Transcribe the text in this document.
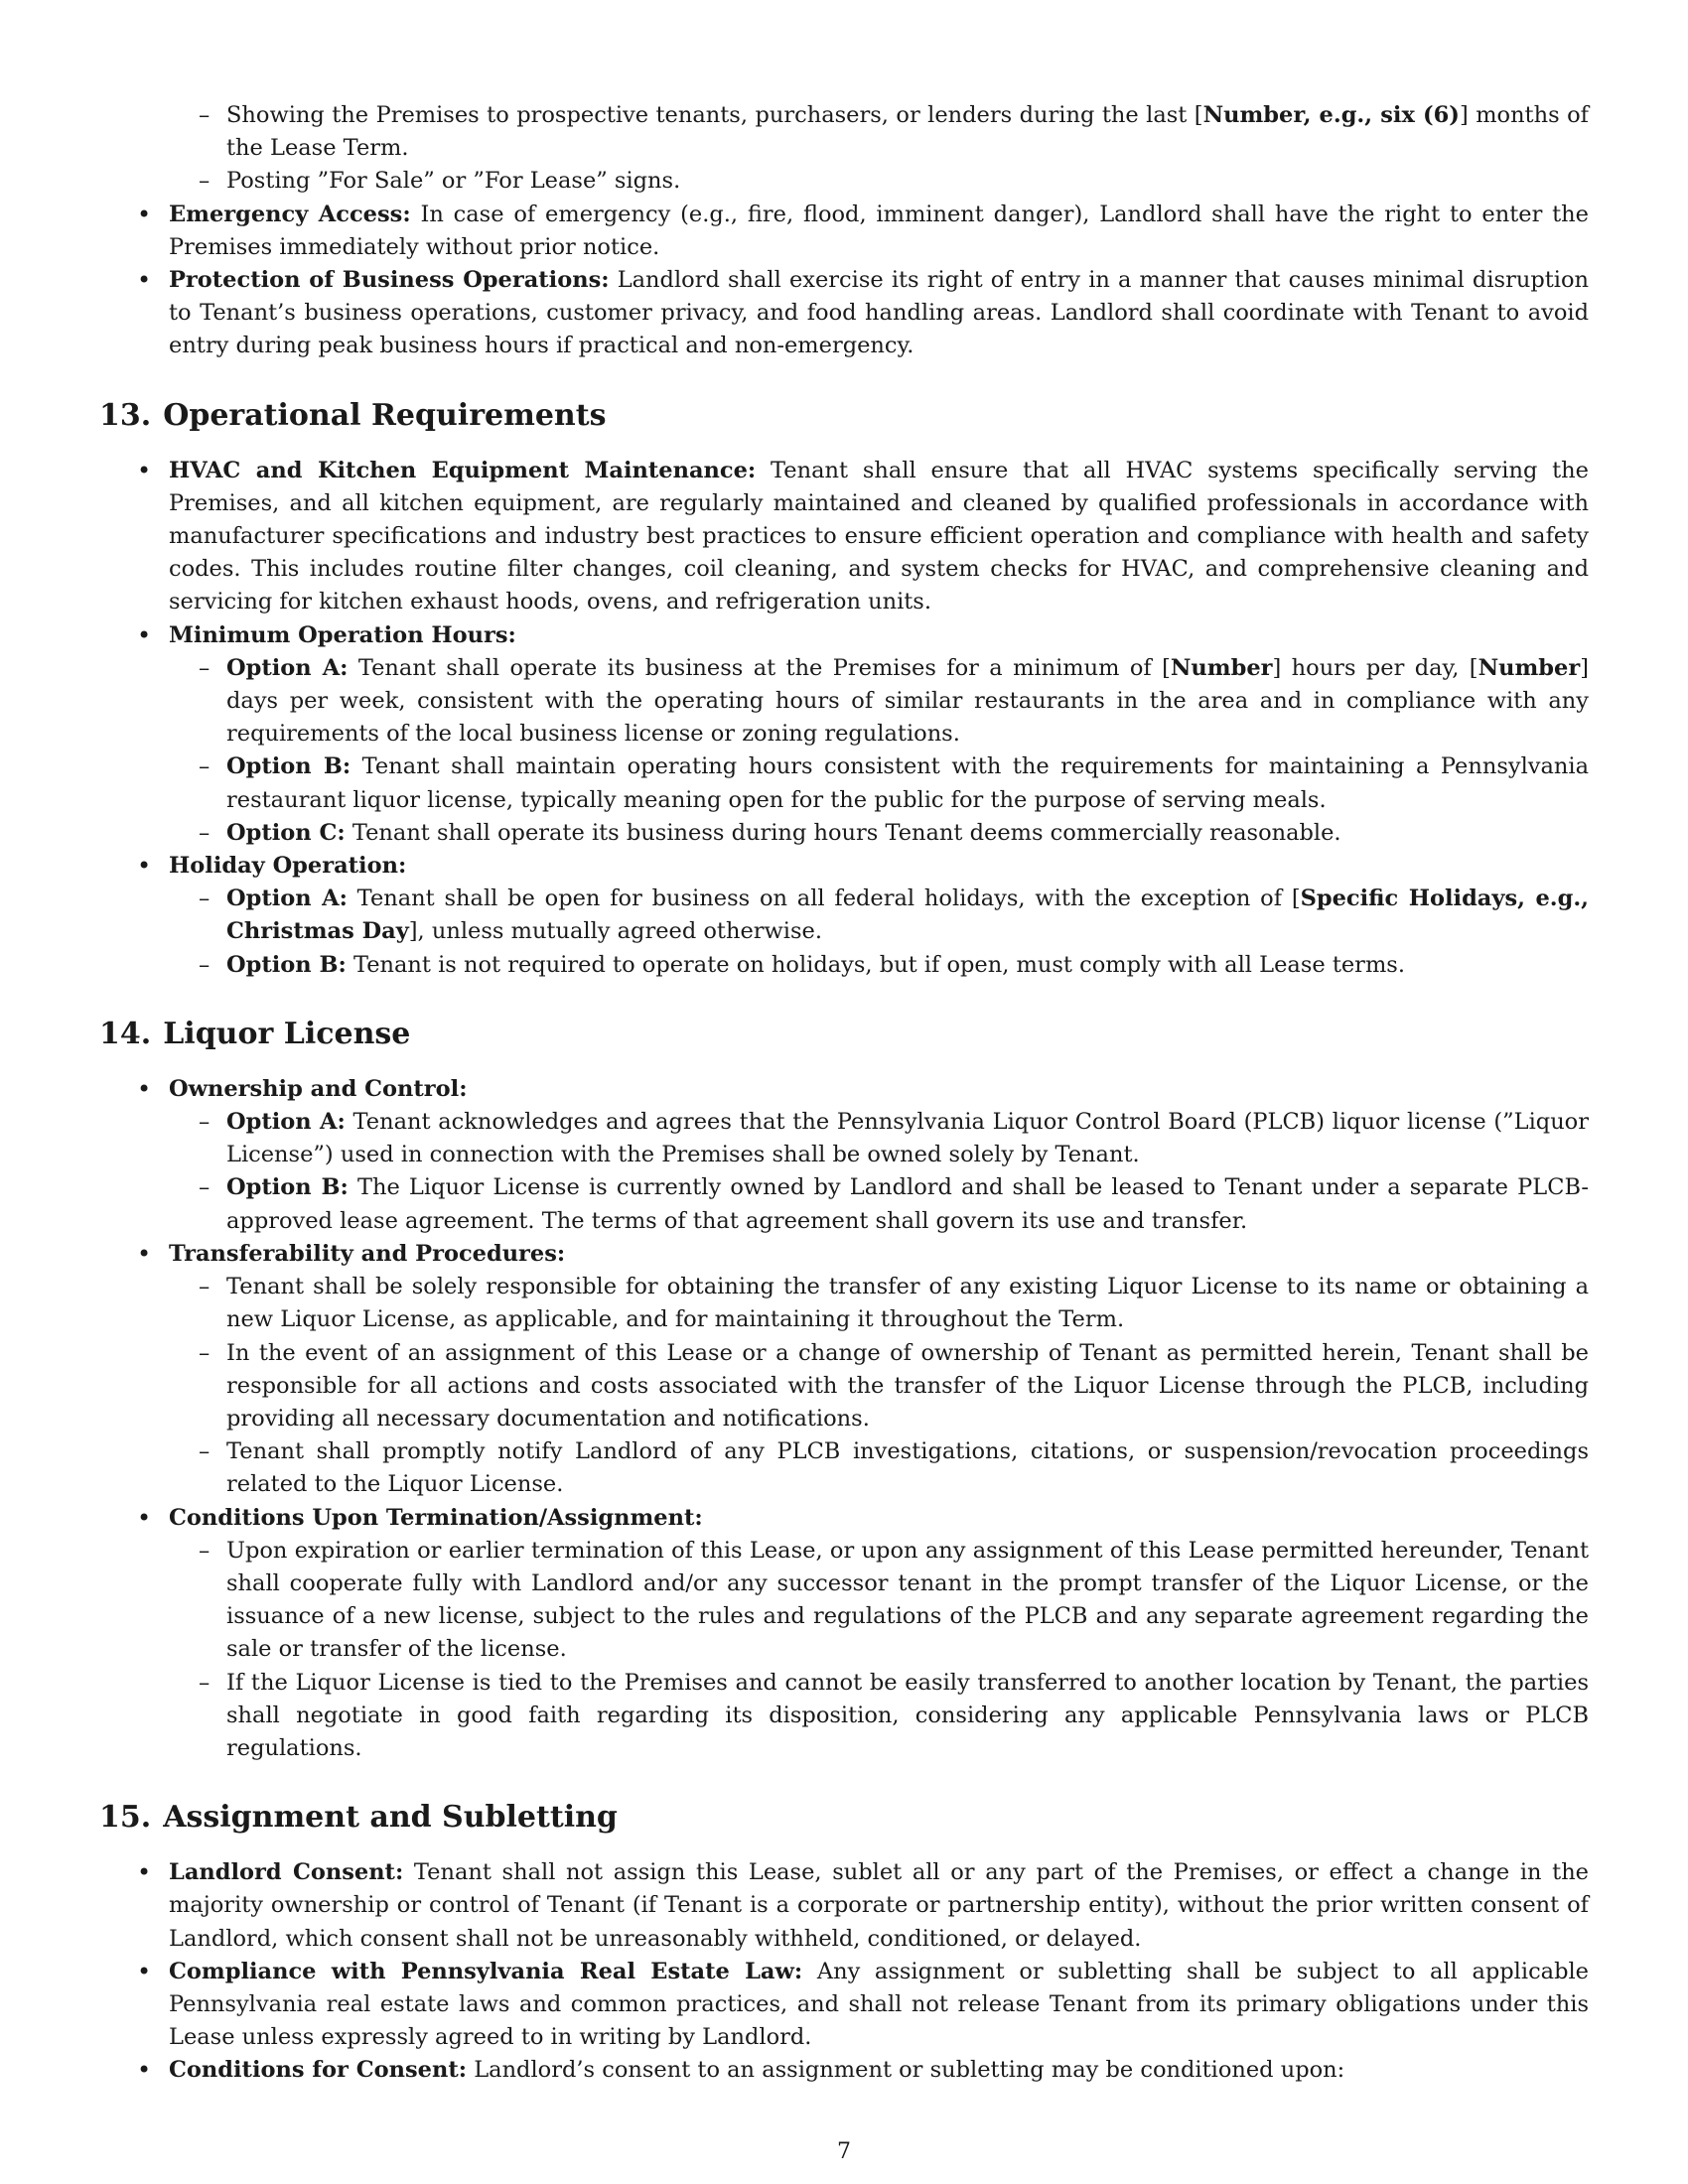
– Showing the Premises to prospective tenants, purchasers, or lenders during the last [Number, e.g., six (6)] months of the Lease Term.
– Posting ”For Sale” or ”For Lease” signs.
• Emergency Access: In case of emergency (e.g., fire, flood, imminent danger), Landlord shall have the right to enter the Premises immediately without prior notice.
• Protection of Business Operations: Landlord shall exercise its right of entry in a manner that causes minimal disruption to Tenant’s business operations, customer privacy, and food handling areas. Landlord shall coordinate with Tenant to avoid entry during peak business hours if practical and non-emergency.
13. Operational Requirements
• HVAC and Kitchen Equipment Maintenance: Tenant shall ensure that all HVAC systems specifically serving the Premises, and all kitchen equipment, are regularly maintained and cleaned by qualified professionals in accordance with manufacturer specifications and industry best practices to ensure efficient operation and compliance with health and safety codes. This includes routine filter changes, coil cleaning, and system checks for HVAC, and comprehensive cleaning and servicing for kitchen exhaust hoods, ovens, and refrigeration units.
• Minimum Operation Hours:
– Option A: Tenant shall operate its business at the Premises for a minimum of [Number] hours per day, [Number] days per week, consistent with the operating hours of similar restaurants in the area and in compliance with any requirements of the local business license or zoning regulations.
– Option B: Tenant shall maintain operating hours consistent with the requirements for maintaining a Pennsylvania restaurant liquor license, typically meaning open for the public for the purpose of serving meals.
– Option C: Tenant shall operate its business during hours Tenant deems commercially reasonable.
• Holiday Operation:
– Option A: Tenant shall be open for business on all federal holidays, with the exception of [Specific Holidays, e.g., Christmas Day], unless mutually agreed otherwise.
– Option B: Tenant is not required to operate on holidays, but if open, must comply with all Lease terms.
14. Liquor License
• Ownership and Control:
– Option A: Tenant acknowledges and agrees that the Pennsylvania Liquor Control Board (PLCB) liquor license (”Liquor License”) used in connection with the Premises shall be owned solely by Tenant.
– Option B: The Liquor License is currently owned by Landlord and shall be leased to Tenant under a separate PLCB-approved lease agreement. The terms of that agreement shall govern its use and transfer.
• Transferability and Procedures:
– Tenant shall be solely responsible for obtaining the transfer of any existing Liquor License to its name or obtaining a new Liquor License, as applicable, and for maintaining it throughout the Term.
– In the event of an assignment of this Lease or a change of ownership of Tenant as permitted herein, Tenant shall be responsible for all actions and costs associated with the transfer of the Liquor License through the PLCB, including providing all necessary documentation and notifications.
– Tenant shall promptly notify Landlord of any PLCB investigations, citations, or suspension/revocation proceedings related to the Liquor License.
• Conditions Upon Termination/Assignment:
– Upon expiration or earlier termination of this Lease, or upon any assignment of this Lease permitted hereunder, Tenant shall cooperate fully with Landlord and/or any successor tenant in the prompt transfer of the Liquor License, or the issuance of a new license, subject to the rules and regulations of the PLCB and any separate agreement regarding the sale or transfer of the license.
– If the Liquor License is tied to the Premises and cannot be easily transferred to another location by Tenant, the parties shall negotiate in good faith regarding its disposition, considering any applicable Pennsylvania laws or PLCB regulations.
15. Assignment and Subletting
• Landlord Consent: Tenant shall not assign this Lease, sublet all or any part of the Premises, or effect a change in the majority ownership or control of Tenant (if Tenant is a corporate or partnership entity), without the prior written consent of Landlord, which consent shall not be unreasonably withheld, conditioned, or delayed.
• Compliance with Pennsylvania Real Estate Law: Any assignment or subletting shall be subject to all applicable Pennsylvania real estate laws and common practices, and shall not release Tenant from its primary obligations under this Lease unless expressly agreed to in writing by Landlord.
• Conditions for Consent: Landlord’s consent to an assignment or subletting may be conditioned upon:
7
